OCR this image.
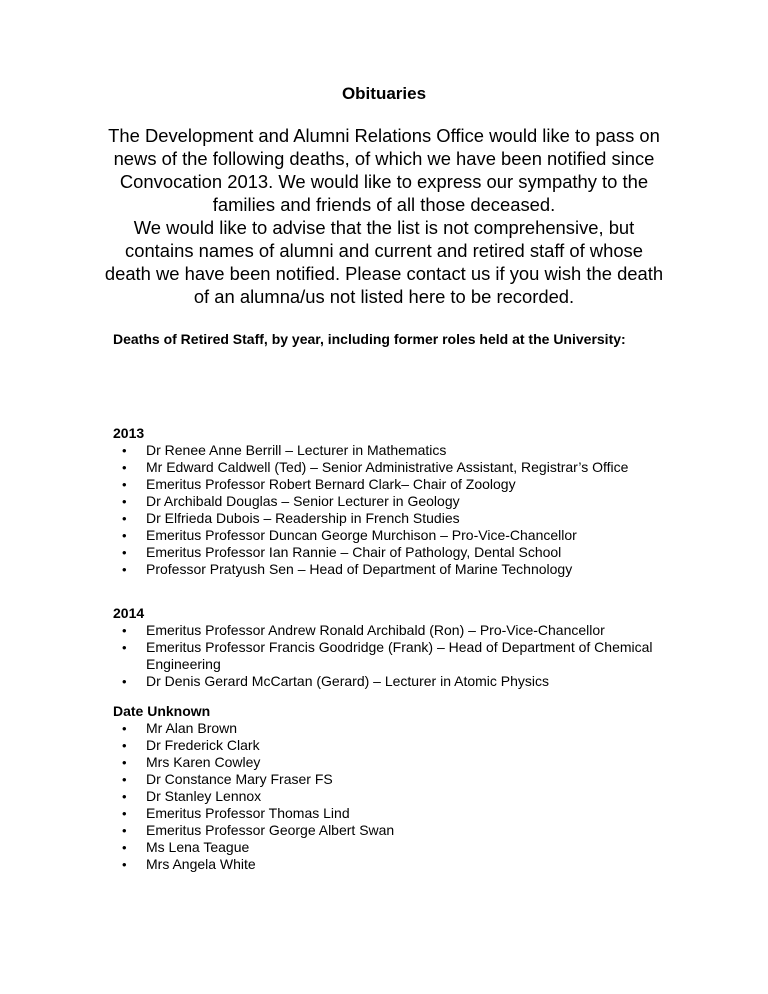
Obituaries

The Development and Alumni Relations Office would like to pass on news of the following deaths, of which we have been notified since Convocation 2013. We would like to express our sympathy to the families and friends of all those deceased.

We would like to advise that the list is not comprehensive, but contains names of alumni and current and retired staff of whose death we have been notified. Please contact us if you wish the death of an alumna/us not listed here to be recorded.

Deaths of Retired Staff, by year, including former roles held at the University:

2013
• Dr Renee Anne Berrill – Lecturer in Mathematics
• Mr Edward Caldwell (Ted) – Senior Administrative Assistant, Registrar’s Office
• Emeritus Professor Robert Bernard Clark– Chair of Zoology
• Dr Archibald Douglas – Senior Lecturer in Geology
• Dr Elfrieda Dubois – Readership in French Studies
• Emeritus Professor Duncan George Murchison – Pro-Vice-Chancellor
• Emeritus Professor Ian Rannie – Chair of Pathology, Dental School
• Professor Pratyush Sen – Head of Department of Marine Technology
2014
• Emeritus Professor Andrew Ronald Archibald (Ron) – Pro-Vice-Chancellor
• Emeritus Professor Francis Goodridge (Frank) – Head of Department of Chemical Engineering
• Dr Denis Gerard McCartan (Gerard) – Lecturer in Atomic Physics
Date Unknown
• Mr Alan Brown
• Dr Frederick Clark
• Mrs Karen Cowley
• Dr Constance Mary Fraser FS
• Dr Stanley Lennox
• Emeritus Professor Thomas Lind
• Emeritus Professor George Albert Swan
• Ms Lena Teague
• Mrs Angela White
